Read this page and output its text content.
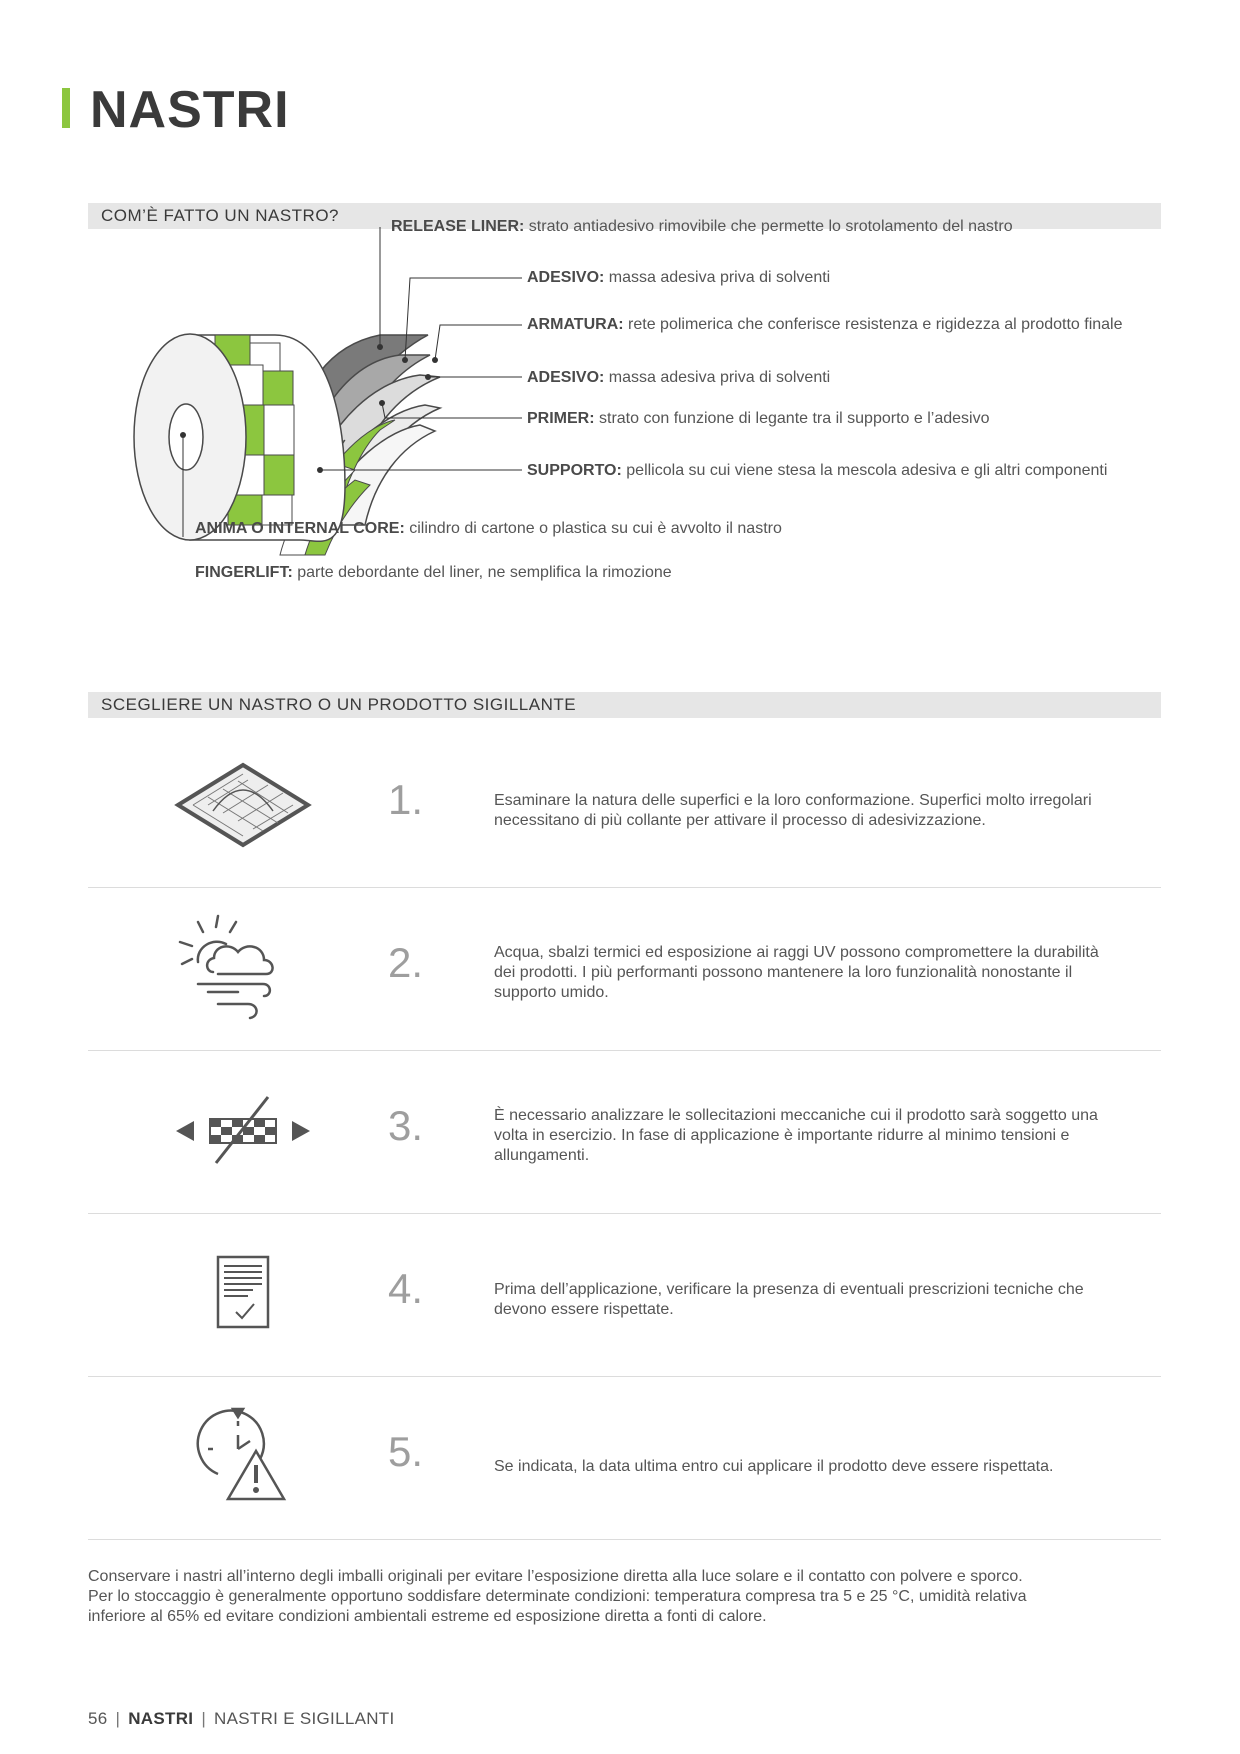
NASTRI
COM’È FATTO UN NASTRO?
RELEASE LINER: strato antiadesivo rimovibile che permette lo srotolamento del nastro
ADESIVO: massa adesiva priva di solventi
ARMATURA: rete polimerica che conferisce resistenza e rigidezza al prodotto finale
ADESIVO: massa adesiva priva di solventi
PRIMER: strato con funzione di legante tra il supporto e l’adesivo
SUPPORTO: pellicola su cui viene stesa la mescola adesiva e gli altri componenti
ANIMA O INTERNAL CORE: cilindro di cartone o plastica su cui è avvolto il nastro
FINGERLIFT: parte debordante del liner, ne semplifica la rimozione
SCEGLIERE UN NASTRO O UN PRODOTTO SIGILLANTE
1.	Esaminare la natura delle superfici e la loro conformazione. Superfici molto irregolari
necessitano di più collante per attivare il processo di adesivizzazione.
2.	Acqua, sbalzi termici ed esposizione ai raggi UV possono compromettere la durabilità
dei prodotti. I più performanti possono mantenere la loro funzionalità nonostante il
supporto umido.
3.	È necessario analizzare le sollecitazioni meccaniche cui il prodotto sarà soggetto una
volta in esercizio. In fase di applicazione è importante ridurre al minimo tensioni e
allungamenti.
4.	Prima dell’applicazione, verificare la presenza di eventuali prescrizioni tecniche che
devono essere rispettate.
5.	Se indicata, la data ultima entro cui applicare il prodotto deve essere rispettata.

Conservare i nastri all’interno degli imballi originali per evitare l’esposizione diretta alla luce solare e il contatto con polvere e sporco.

Per lo stoccaggio è generalmente opportuno soddisfare determinate condizioni: temperatura compresa tra 5 e 25 °C, umidità relativa

inferiore al 65% ed evitare condizioni ambientali estreme ed esposizione diretta a fonti di calore.

56 | NASTRI | NASTRI E SIGILLANTI
